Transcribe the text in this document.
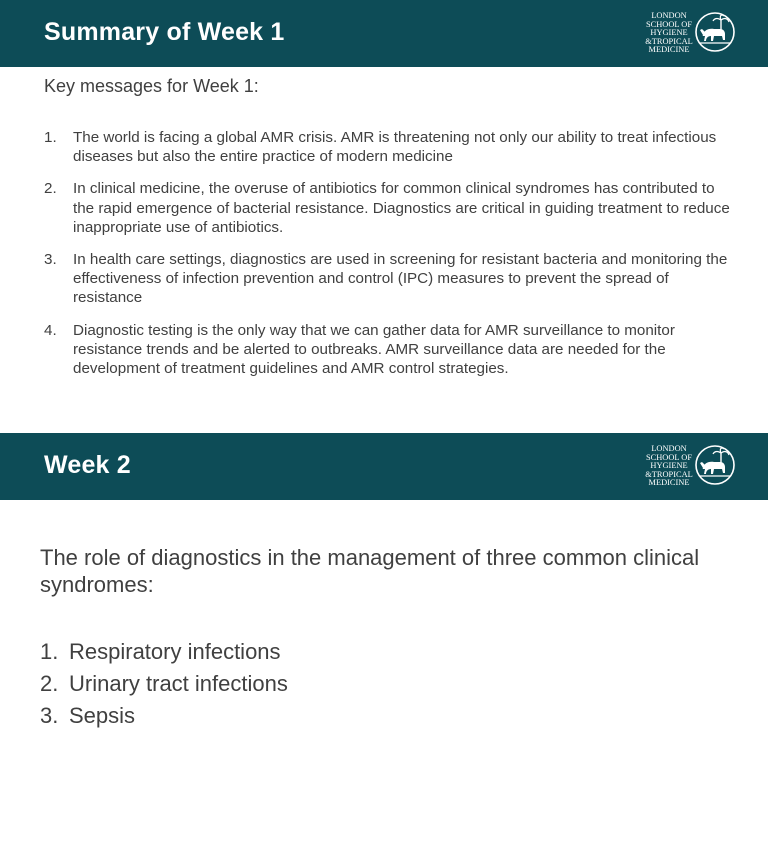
Summary of Week 1
LONDON
SCHOOL OF
HYGIENE
&TROPICAL
MEDICINE

Key messages for Week 1:

1. The world is facing a global AMR crisis. AMR is threatening not only our ability to treat infectious diseases but also the entire practice of modern medicine
2. In clinical medicine, the overuse of antibiotics for common clinical syndromes has contributed to the rapid emergence of bacterial resistance. Diagnostics are critical in guiding treatment to reduce inappropriate use of antibiotics.
3. In health care settings, diagnostics are used in screening for resistant bacteria and monitoring the effectiveness of infection prevention and control (IPC) measures to prevent the spread of resistance
4. Diagnostic testing is the only way that we can gather data for AMR surveillance to monitor resistance trends and be alerted to outbreaks. AMR surveillance data are needed for the development of treatment guidelines and AMR control strategies.
Week 2
LONDON
SCHOOL OF
HYGIENE
&TROPICAL
MEDICINE

The role of diagnostics in the management of three common clinical syndromes:

1. Respiratory infections
2. Urinary tract infections
3. Sepsis
